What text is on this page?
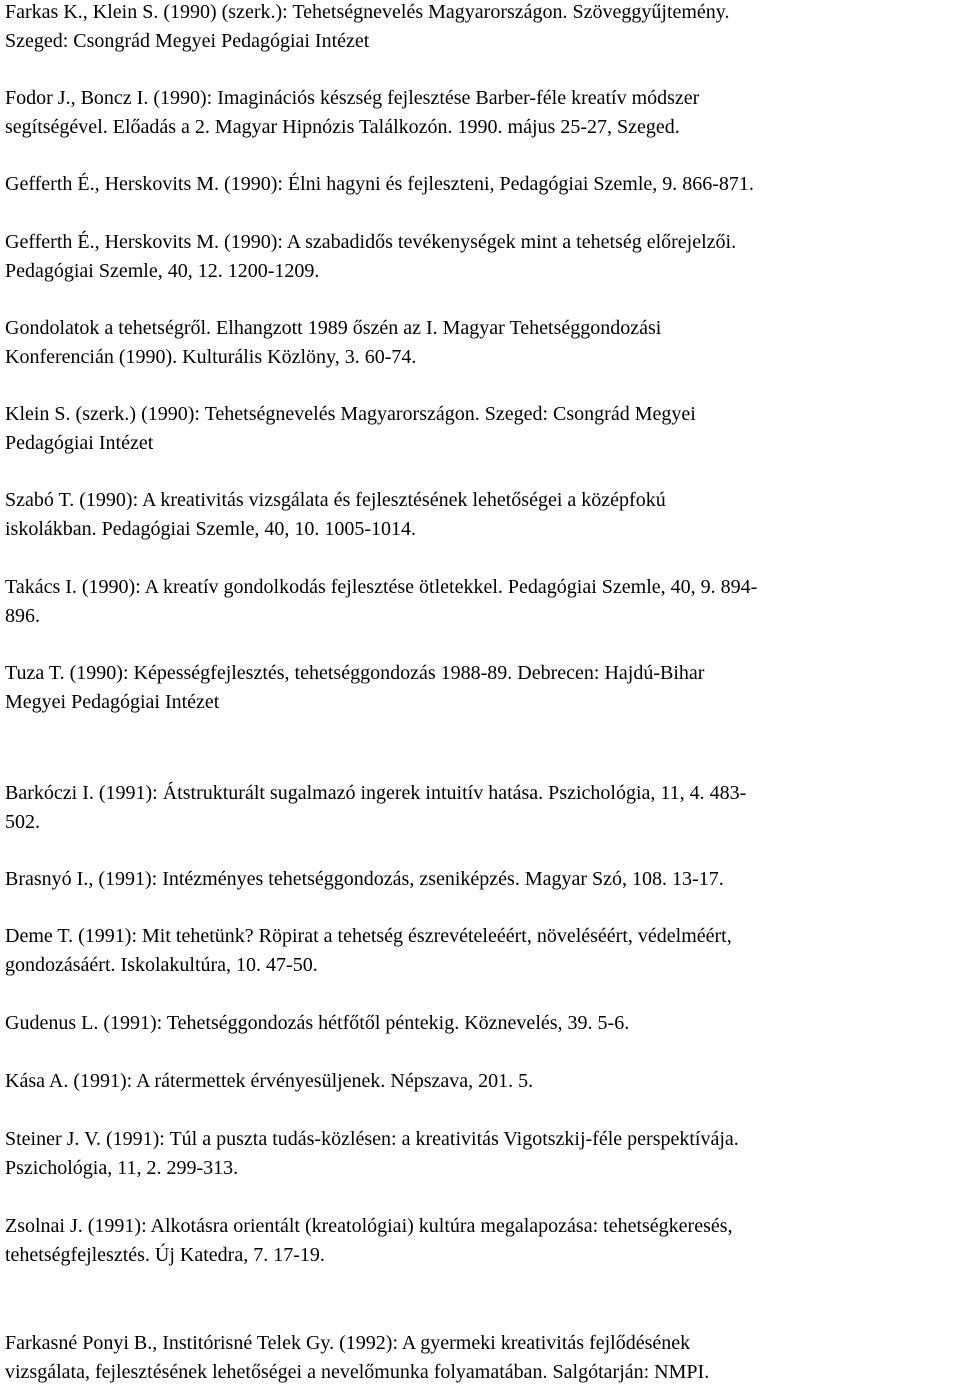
Farkas K., Klein S. (1990) (szerk.): Tehetségnevelés Magyarországon. Szöveggyűjtemény.
Szeged: Csongrád Megyei Pedagógiai Intézet

Fodor J., Boncz I. (1990): Imaginációs készség fejlesztése Barber-féle kreatív módszer
segítségével. Előadás a 2. Magyar Hipnózis Találkozón. 1990. május 25-27, Szeged.

Gefferth É., Herskovits M. (1990): Élni hagyni és fejleszteni, Pedagógiai Szemle, 9. 866-871.

Gefferth É., Herskovits M. (1990): A szabadidős tevékenységek mint a tehetség előrejelzői.
Pedagógiai Szemle, 40, 12. 1200-1209.

Gondolatok a tehetségről. Elhangzott 1989 őszén az I. Magyar Tehetséggondozási
Konferencián (1990). Kulturális Közlöny, 3. 60-74.

Klein S. (szerk.) (1990): Tehetségnevelés Magyarországon. Szeged: Csongrád Megyei
Pedagógiai Intézet

Szabó T. (1990): A kreativitás vizsgálata és fejlesztésének lehetőségei a középfokú
iskolákban. Pedagógiai Szemle, 40, 10. 1005-1014.

Takács I. (1990): A kreatív gondolkodás fejlesztése ötletekkel. Pedagógiai Szemle, 40, 9. 894-
896.

Tuza T. (1990): Képességfejlesztés, tehetséggondozás 1988-89. Debrecen: Hajdú-Bihar
Megyei Pedagógiai Intézet

Barkóczi I. (1991): Átstrukturált sugalmazó ingerek intuitív hatása. Pszichológia, 11, 4. 483-
502.

Brasnyó I., (1991): Intézményes tehetséggondozás, zseniképzés. Magyar Szó, 108. 13-17.

Deme T. (1991): Mit tehetünk? Röpirat a tehetség észrevételeéért, növeléséért, védelméért,
gondozásáért. Iskolakultúra, 10. 47-50.

Gudenus L. (1991): Tehetséggondozás hétfőtől péntekig. Köznevelés, 39. 5-6.

Kása A. (1991): A rátermettek érvényesüljenek. Népszava, 201. 5.

Steiner J. V. (1991): Túl a puszta tudás-közlésen: a kreativitás Vigotszkij-féle perspektívája.
Pszichológia, 11, 2. 299-313.

Zsolnai J. (1991): Alkotásra orientált (kreatológiai) kultúra megalapozása: tehetségkeresés,
tehetségfejlesztés. Új Katedra, 7. 17-19.

Farkasné Ponyi B., Institórisné Telek Gy. (1992): A gyermeki kreativitás fejlődésének
vizsgálata, fejlesztésének lehetőségei a nevelőmunka folyamatában. Salgótarján: NMPI.
